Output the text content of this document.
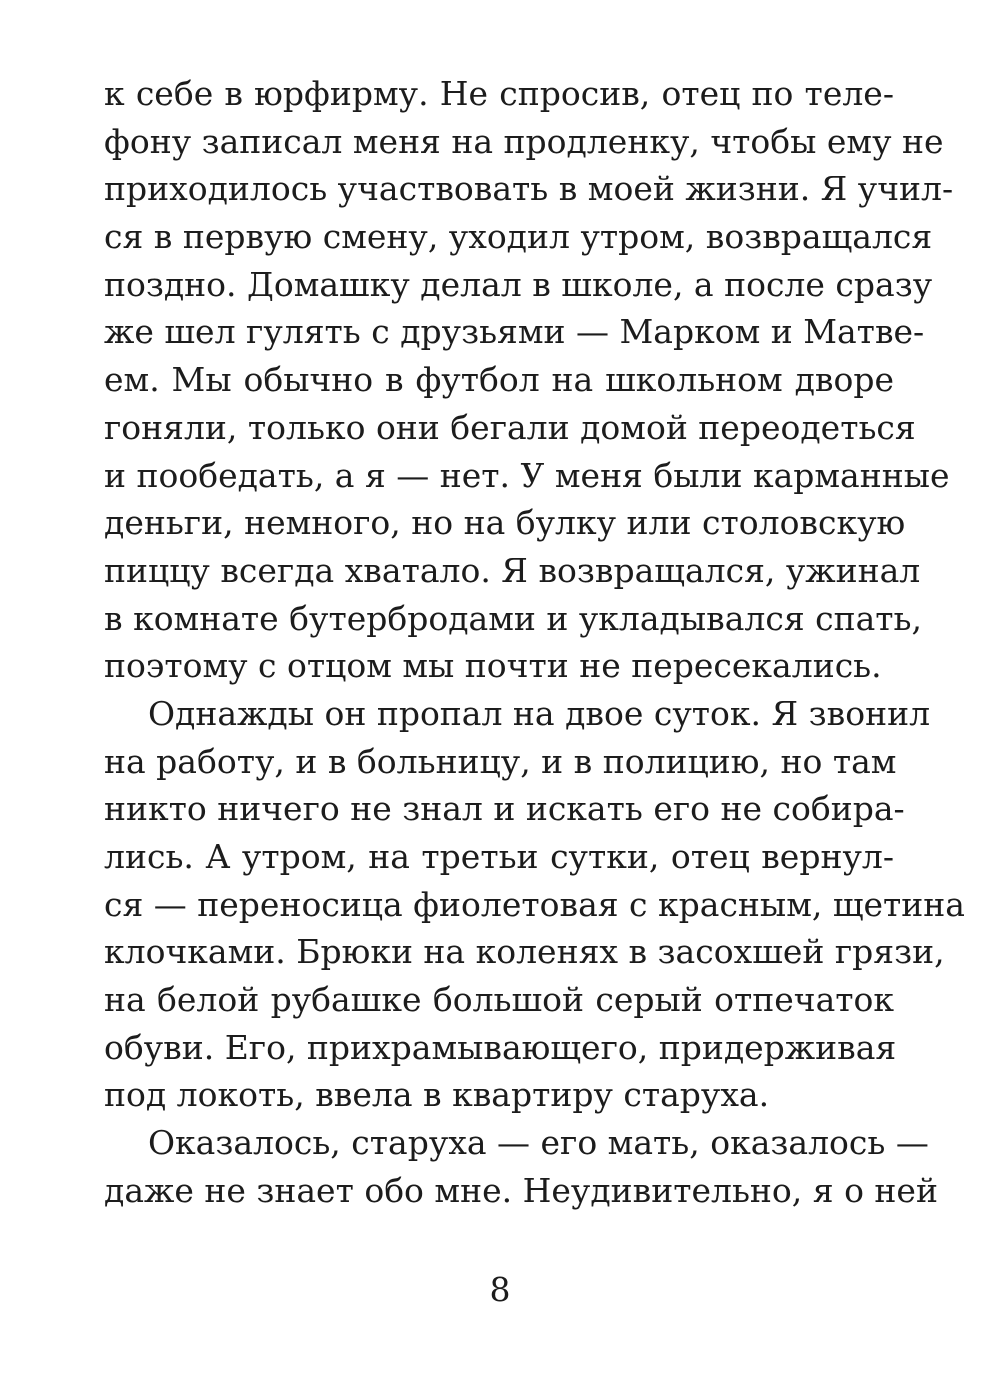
к себе в юрфирму. Не спросив, отец по теле-
фону записал меня на продленку, чтобы ему не
приходилось участвовать в моей жизни. Я учил-
ся в первую смену, уходил утром, возвращался
поздно. Домашку делал в школе, а после сразу
же шел гулять с друзьями — Марком и Матве-
ем. Мы обычно в футбол на школьном дворе
гоняли, только они бегали домой переодеться
и пообедать, а я — нет. У меня были карманные
деньги, немного, но на булку или столовскую
пиццу всегда хватало. Я возвращался, ужинал
в комнате бутербродами и укладывался спать,
поэтому с отцом мы почти не пересекались.
Однажды он пропал на двое суток. Я звонил
на работу, и в больницу, и в полицию, но там
никто ничего не знал и искать его не собира-
лись. А утром, на третьи сутки, отец вернул-
ся — переносица фиолетовая с красным, щетина
клочками. Брюки на коленях в засохшей грязи,
на белой рубашке большой серый отпечаток
обуви. Его, прихрамывающего, придерживая
под локоть, ввела в квартиру старуха.
Оказалось, старуха — его мать, оказалось —
даже не знает обо мне. Неудивительно, я о ней
8
